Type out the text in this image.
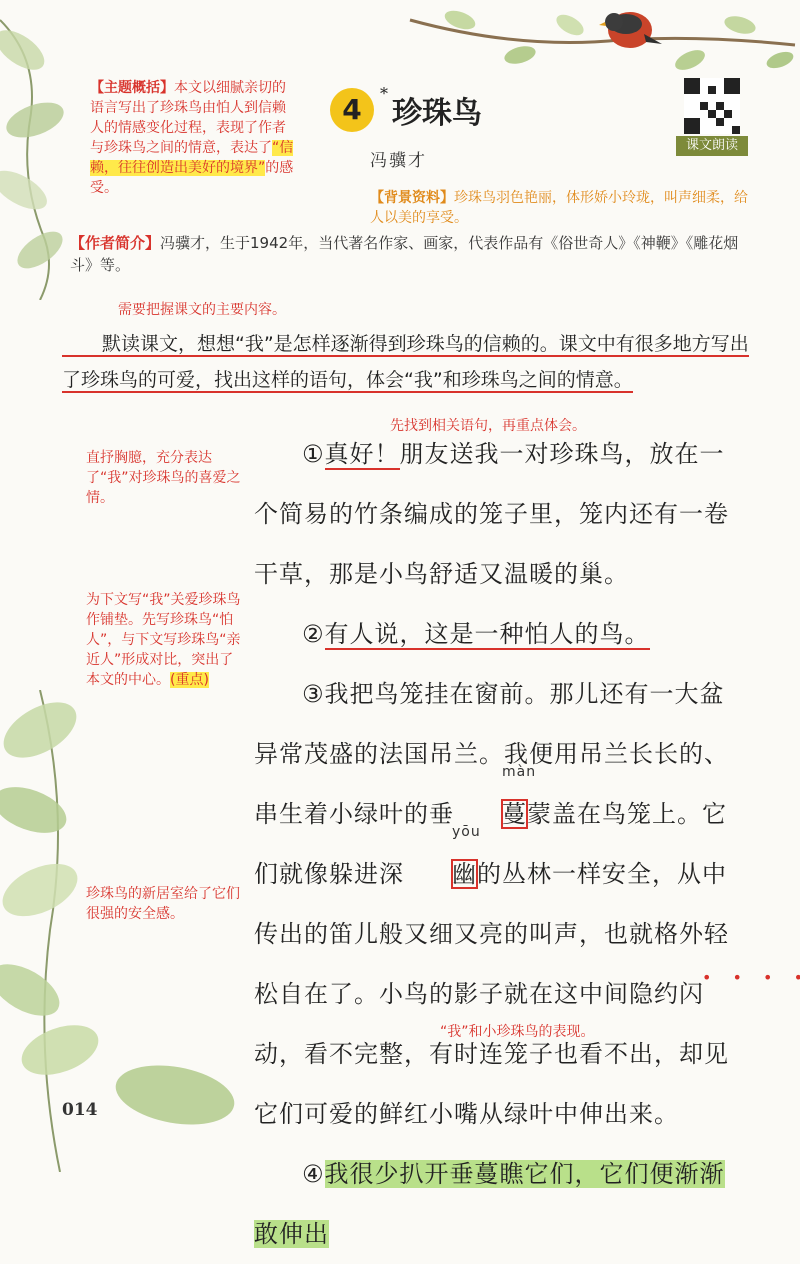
4	*
珍珠鸟
冯骥才
课文朗读
【主题概括】本文以细腻亲切的语言写出了珍珠鸟由怕人到信赖人的情感变化过程，表现了作者与珍珠鸟之间的情意，表达了“信赖，往往创造出美好的境界”的感受。
【背景资料】珍珠鸟羽色艳丽，体形娇小玲珑，叫声细柔，给人以美的享受。
【作者简介】冯骥才，生于1942年，当代著名作家、画家，代表作品有《俗世奇人》《神鞭》《雕花烟斗》等。
需要把握课文的主要内容。
默读课文，想想“我”是怎样逐渐得到珍珠鸟的信赖的。课文中有很多地方写出了珍珠鸟的可爱，找出这样的语句，体会“我”和珍珠鸟之间的情意。
先找到相关语句，再重点体会。
直抒胸臆，充分表达了“我”对珍珠鸟的喜爱之情。
为下文写“我”关爱珍珠鸟作铺垫。先写珍珠鸟“怕人”，与下文写珍珠鸟“亲近人”形成对比，突出了本文的中心。(重点)
珍珠鸟的新居室给了它们很强的安全感。
“我”和小珍珠鸟的表现。
①真好！朋友送我一对珍珠鸟，放在一个简易的竹条编成的笼子里，笼内还有一卷干草，那是小鸟舒适又温暖的巢。
②有人说，这是一种怕人的鸟。
③我把鸟笼挂在窗前。那儿还有一大盆异常茂盛的法国吊兰。我便用吊兰长长的、串生着小绿叶的垂
màn
蔓蒙盖在鸟笼上。它们就像躲进深
yōu
幽的丛林一样安全，从中传出的笛儿般又细又亮的叫声，也就格外轻松自在 • • •了。小鸟的影子就在这中间隐约闪动，看不完整，有时连笼子也看不出，却见它们可爱的鲜红小嘴从绿叶中伸出来。
④我很少扒开垂蔓瞧它们，它们便渐渐敢伸出
014
